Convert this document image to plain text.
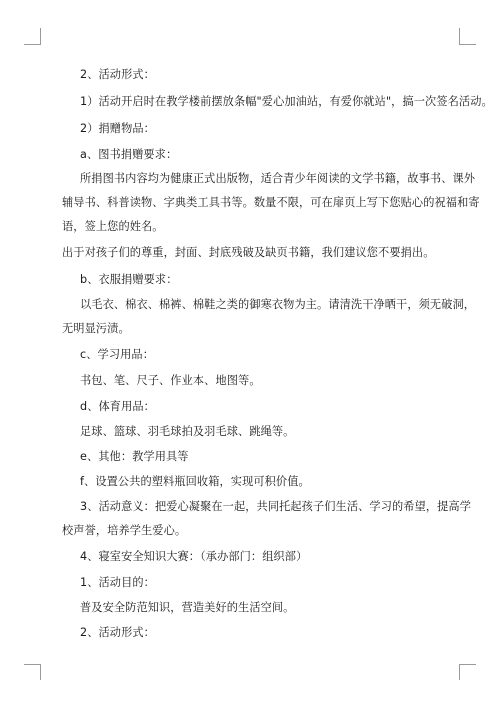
2、活动形式：
1）活动开启时在教学楼前摆放条幅"爱心加油站，有爱你就站"，搞一次签名活动。
2）捐赠物品：
a、图书捐赠要求：
所捐图书内容均为健康正式出版物，适合青少年阅读的文学书籍，故事书、课外
辅导书、科普读物、字典类工具书等。数量不限，可在扉页上写下您贴心的祝福和寄
语，签上您的姓名。
出于对孩子们的尊重，封面、封底残破及缺页书籍，我们建议您不要捐出。
b、衣服捐赠要求：
以毛衣、棉衣、棉裤、棉鞋之类的御寒衣物为主。请清洗干净晒干，须无破洞，
无明显污渍。
c、学习用品：
书包、笔、尺子、作业本、地图等。
d、体育用品：
足球、篮球、羽毛球拍及羽毛球、跳绳等。
e、其他：教学用具等
f、设置公共的塑料瓶回收箱，实现可积价值。
3、活动意义：把爱心凝聚在一起，共同托起孩子们生活、学习的希望，提高学
校声誉，培养学生爱心。
4、寝室安全知识大赛：（承办部门：组织部）
1、活动目的：
普及安全防范知识，营造美好的生活空间。
2、活动形式：
